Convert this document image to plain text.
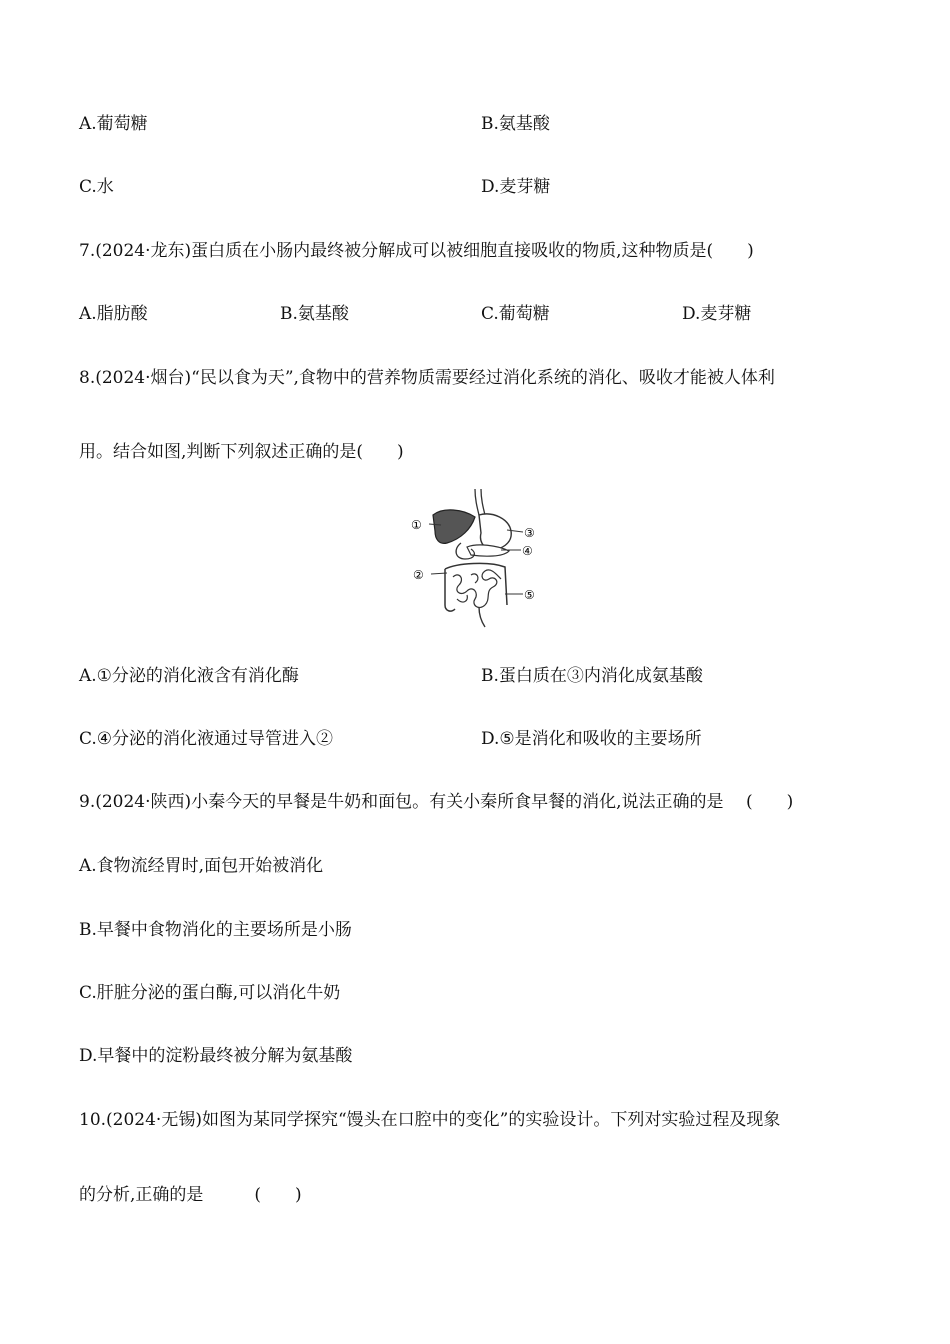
A.葡萄糖	B.氨基酸
C.水	D.麦芽糖
7.(2024·龙东)蛋白质在小肠内最终被分解成可以被细胞直接吸收的物质,这种物质是(　　)
A.脂肪酸	B.氨基酸	C.葡萄糖	D.麦芽糖
8.(2024·烟台)“民以食为天”,食物中的营养物质需要经过消化系统的消化、吸收才能被人体利
用。结合如图,判断下列叙述正确的是(　　)
①
③
④
②
⑤
A.①分泌的消化液含有消化酶	B.蛋白质在③内消化成氨基酸
C.④分泌的消化液通过导管进入②	D.⑤是消化和吸收的主要场所
9.(2024·陕西)小秦今天的早餐是牛奶和面包。有关小秦所食早餐的消化,说法正确的是　 (　　)
A.食物流经胃时,面包开始被消化
B.早餐中食物消化的主要场所是小肠
C.肝脏分泌的蛋白酶,可以消化牛奶
D.早餐中的淀粉最终被分解为氨基酸
10.(2024·无锡)如图为某同学探究“馒头在口腔中的变化”的实验设计。下列对实验过程及现象
的分析,正确的是　　　(　　)
